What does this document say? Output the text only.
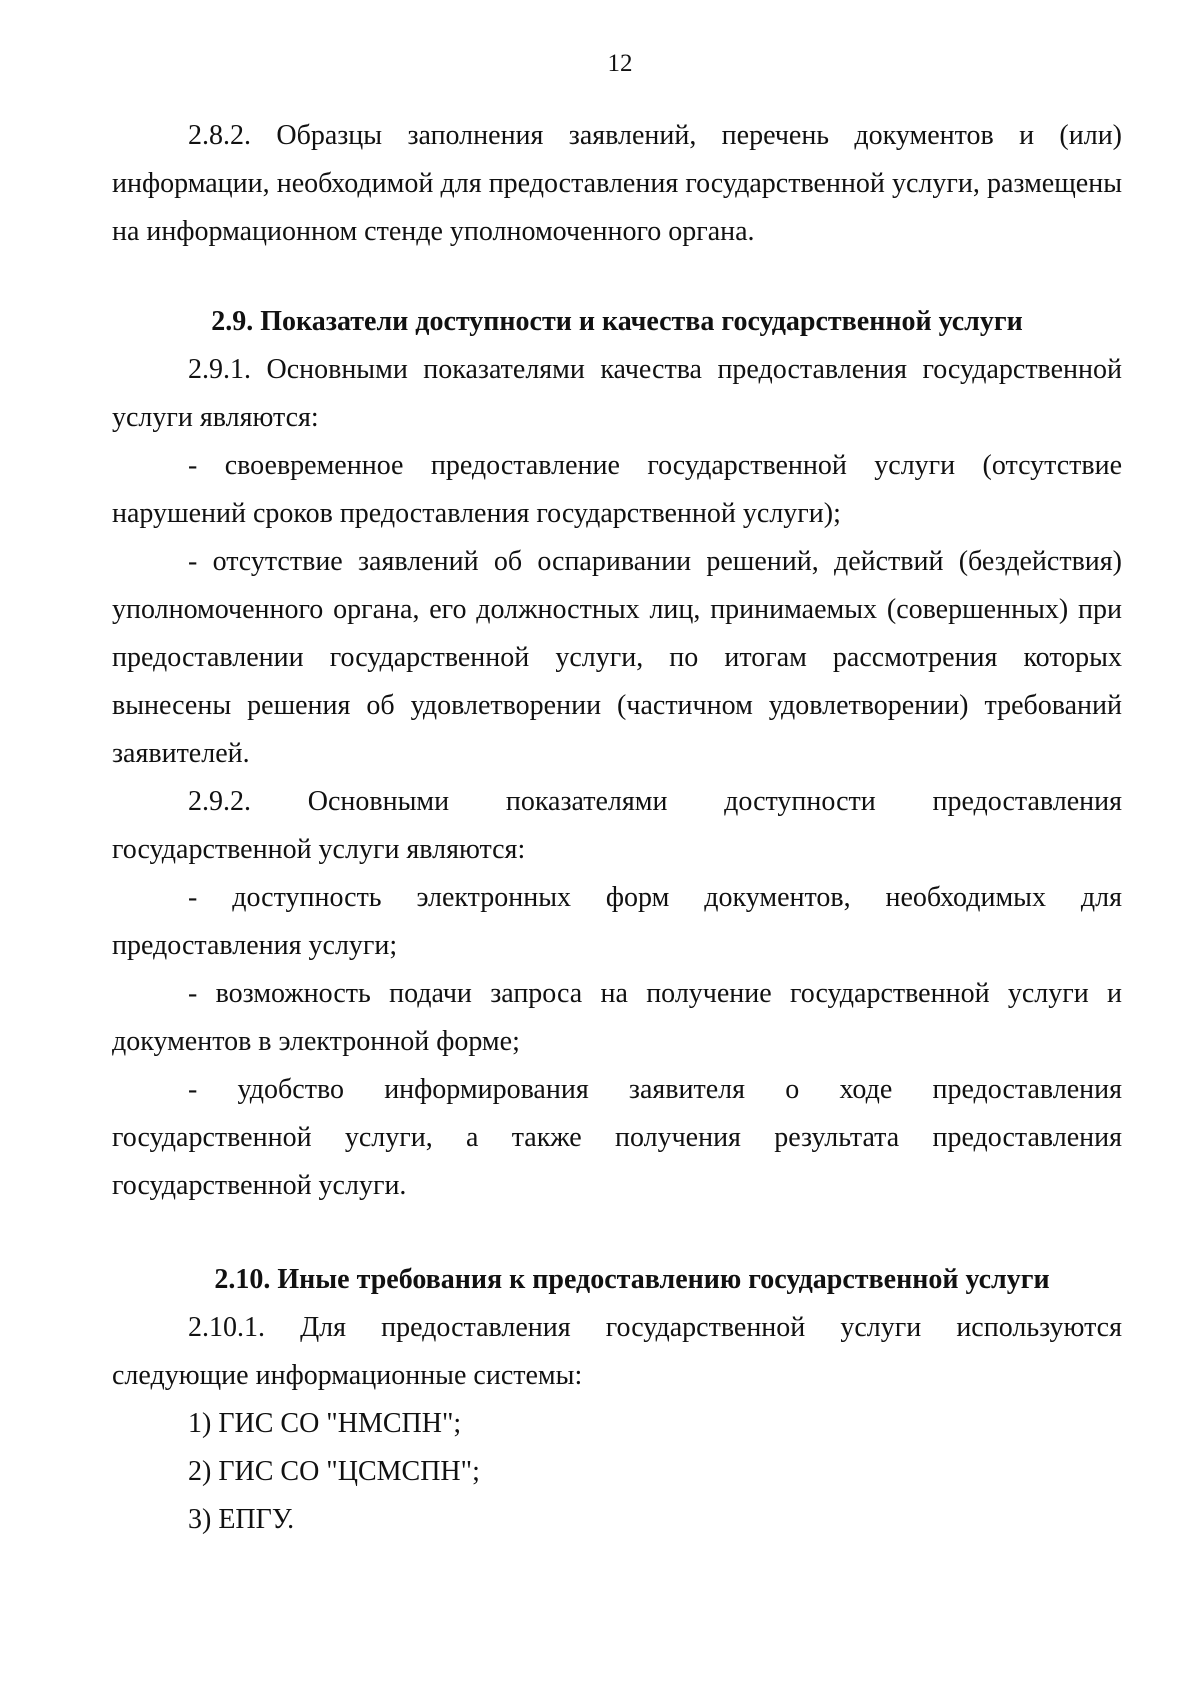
12

2.8.2. Образцы заполнения заявлений, перечень документов и (или) информации, необходимой для предоставления государственной услуги, размещены на информационном стенде уполномоченного органа.

2.9. Показатели доступности и качества государственной услуги

2.9.1. Основными показателями качества предоставления государственной услуги являются:

- своевременное предоставление государственной услуги (отсутствие нарушений сроков предоставления государственной услуги);

- отсутствие заявлений об оспаривании решений, действий (бездействия) уполномоченного органа, его должностных лиц, принимаемых (совершенных) при предоставлении государственной услуги, по итогам рассмотрения которых вынесены решения об удовлетворении (частичном удовлетворении) требований заявителей.

2.9.2. Основными показателями доступности предоставления государственной услуги являются:

- доступность электронных форм документов, необходимых для предоставления услуги;

- возможность подачи запроса на получение государственной услуги и документов в электронной форме;

- удобство информирования заявителя о ходе предоставления государственной услуги, а также получения результата предоставления государственной услуги.

2.10. Иные требования к предоставлению государственной услуги

2.10.1. Для предоставления государственной услуги используются следующие информационные системы:

1) ГИС СО "НМСПН";

2) ГИС СО "ЦСМСПН";

3) ЕПГУ.
